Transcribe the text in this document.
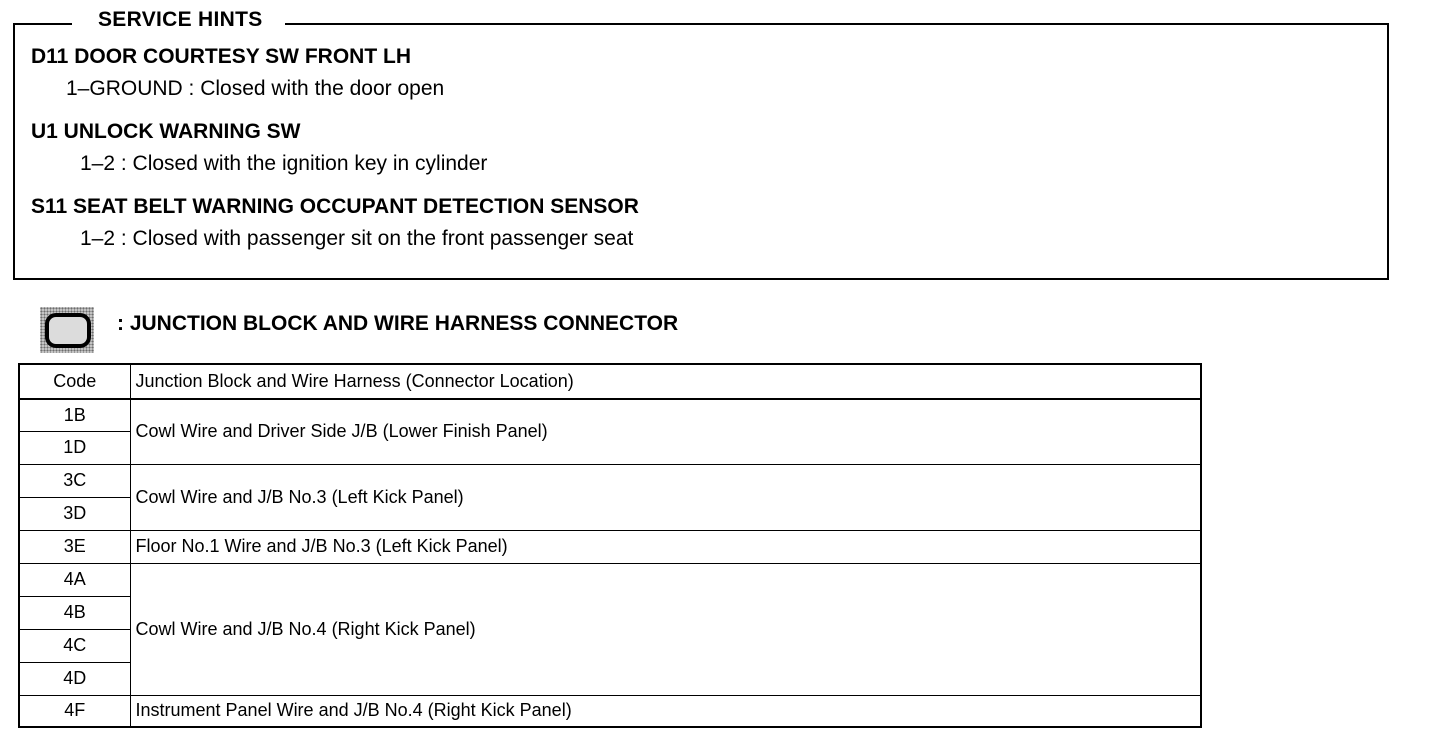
SERVICE HINTS
D11 DOOR COURTESY SW FRONT LH
1–GROUND : Closed with the door open
U1 UNLOCK WARNING SW
1–2 : Closed with the ignition key in cylinder
S11 SEAT BELT WARNING OCCUPANT DETECTION SENSOR
1–2 : Closed with passenger sit on the front passenger seat
: JUNCTION BLOCK AND WIRE HARNESS CONNECTOR
Code	Junction Block and Wire Harness (Connector Location)
1B	Cowl Wire and Driver Side J/B (Lower Finish Panel)
1D	
3C	Cowl Wire and J/B No.3 (Left Kick Panel)
3D	
3E	Floor No.1 Wire and J/B No.3 (Left Kick Panel)
4A	Cowl Wire and J/B No.4 (Right Kick Panel)
4B	
4C	
4D	
4F	Instrument Panel Wire and J/B No.4 (Right Kick Panel)
